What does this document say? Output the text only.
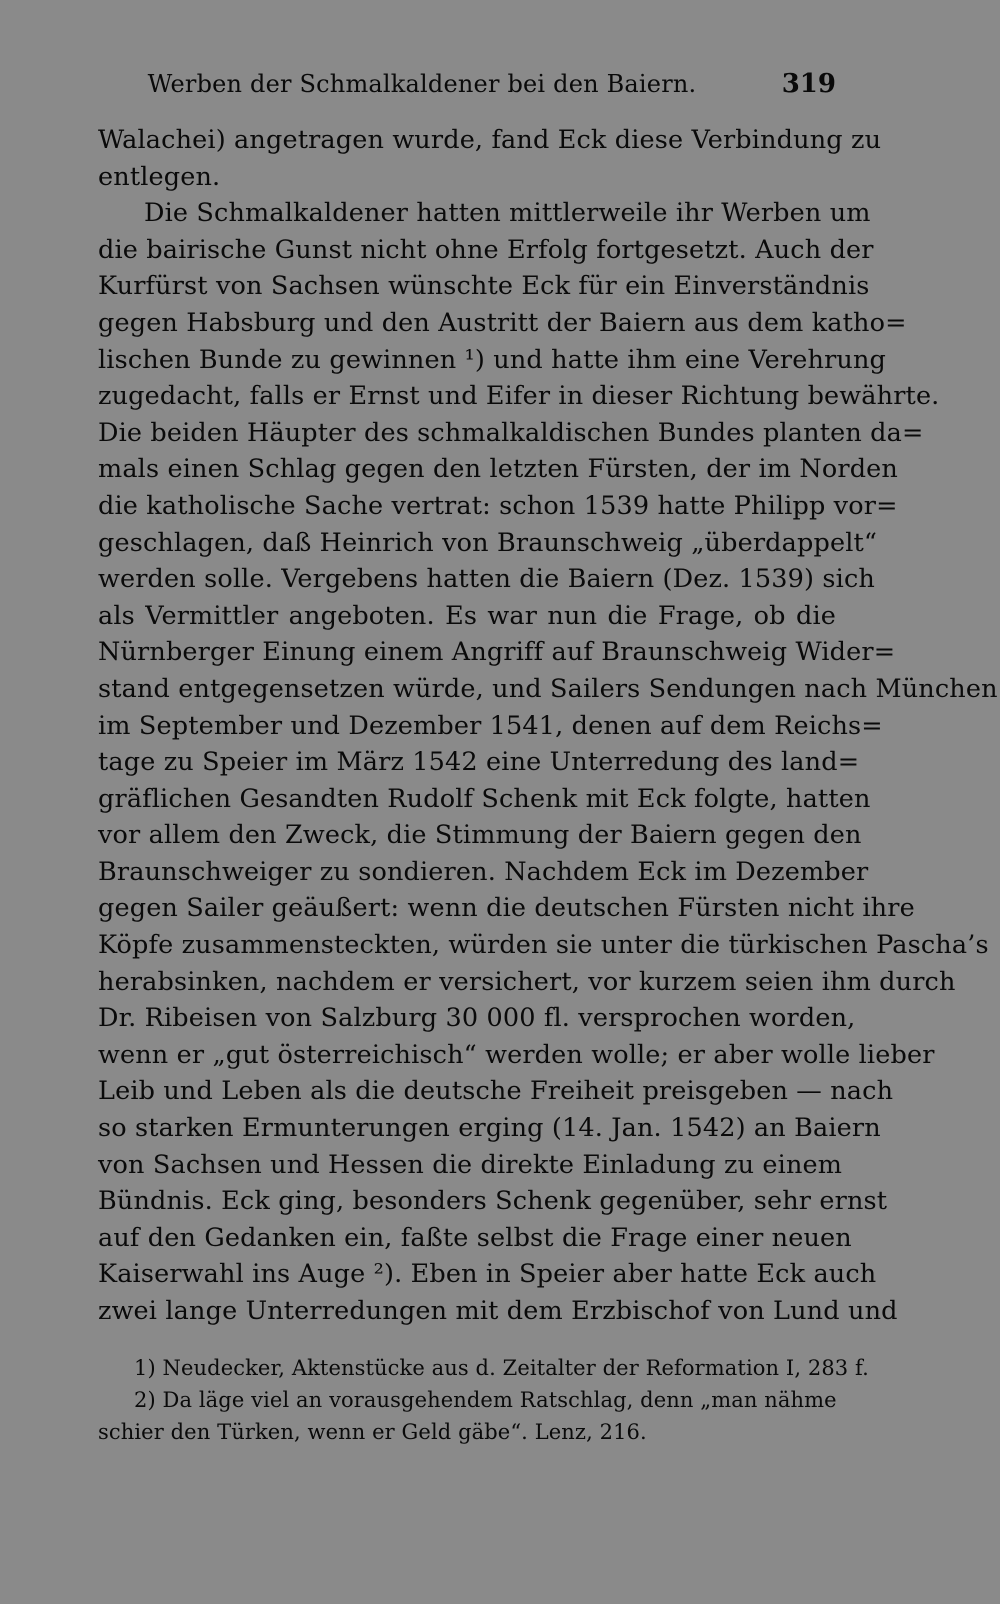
Werben der Schmalkaldener bei den Baiern.	319
Walachei) angetragen wurde, fand Eck diese Verbindung zu
entlegen.
Die Schmalkaldener hatten mittlerweile ihr Werben um
die bairische Gunst nicht ohne Erfolg fortgesetzt. Auch der
Kurfürst von Sachsen wünschte Eck für ein Einverständnis
gegen Habsburg und den Austritt der Baiern aus dem katho=
lischen Bunde zu gewinnen ¹) und hatte ihm eine Verehrung
zugedacht, falls er Ernst und Eifer in dieser Richtung bewährte.
Die beiden Häupter des schmalkaldischen Bundes planten da=
mals einen Schlag gegen den letzten Fürsten, der im Norden
die katholische Sache vertrat: schon 1539 hatte Philipp vor=
geschlagen, daß Heinrich von Braunschweig „überdappelt“
werden solle. Vergebens hatten die Baiern (Dez. 1539) sich
als Vermittler angeboten. Es war nun die Frage, ob die
Nürnberger Einung einem Angriff auf Braunschweig Wider=
stand entgegensetzen würde, und Sailers Sendungen nach München
im September und Dezember 1541, denen auf dem Reichs=
tage zu Speier im März 1542 eine Unterredung des land=
gräflichen Gesandten Rudolf Schenk mit Eck folgte, hatten
vor allem den Zweck, die Stimmung der Baiern gegen den
Braunschweiger zu sondieren. Nachdem Eck im Dezember
gegen Sailer geäußert: wenn die deutschen Fürsten nicht ihre
Köpfe zusammensteckten, würden sie unter die türkischen Pascha’s
herabsinken, nachdem er versichert, vor kurzem seien ihm durch
Dr. Ribeisen von Salzburg 30 000 fl. versprochen worden,
wenn er „gut österreichisch“ werden wolle; er aber wolle lieber
Leib und Leben als die deutsche Freiheit preisgeben — nach
so starken Ermunterungen erging (14. Jan. 1542) an Baiern
von Sachsen und Hessen die direkte Einladung zu einem
Bündnis. Eck ging, besonders Schenk gegenüber, sehr ernst
auf den Gedanken ein, faßte selbst die Frage einer neuen
Kaiserwahl ins Auge ²). Eben in Speier aber hatte Eck auch
zwei lange Unterredungen mit dem Erzbischof von Lund und
1) Neudecker, Aktenstücke aus d. Zeitalter der Reformation I, 283 f.
2) Da läge viel an vorausgehendem Ratschlag, denn „man nähme
schier den Türken, wenn er Geld gäbe“. Lenz, 216.
